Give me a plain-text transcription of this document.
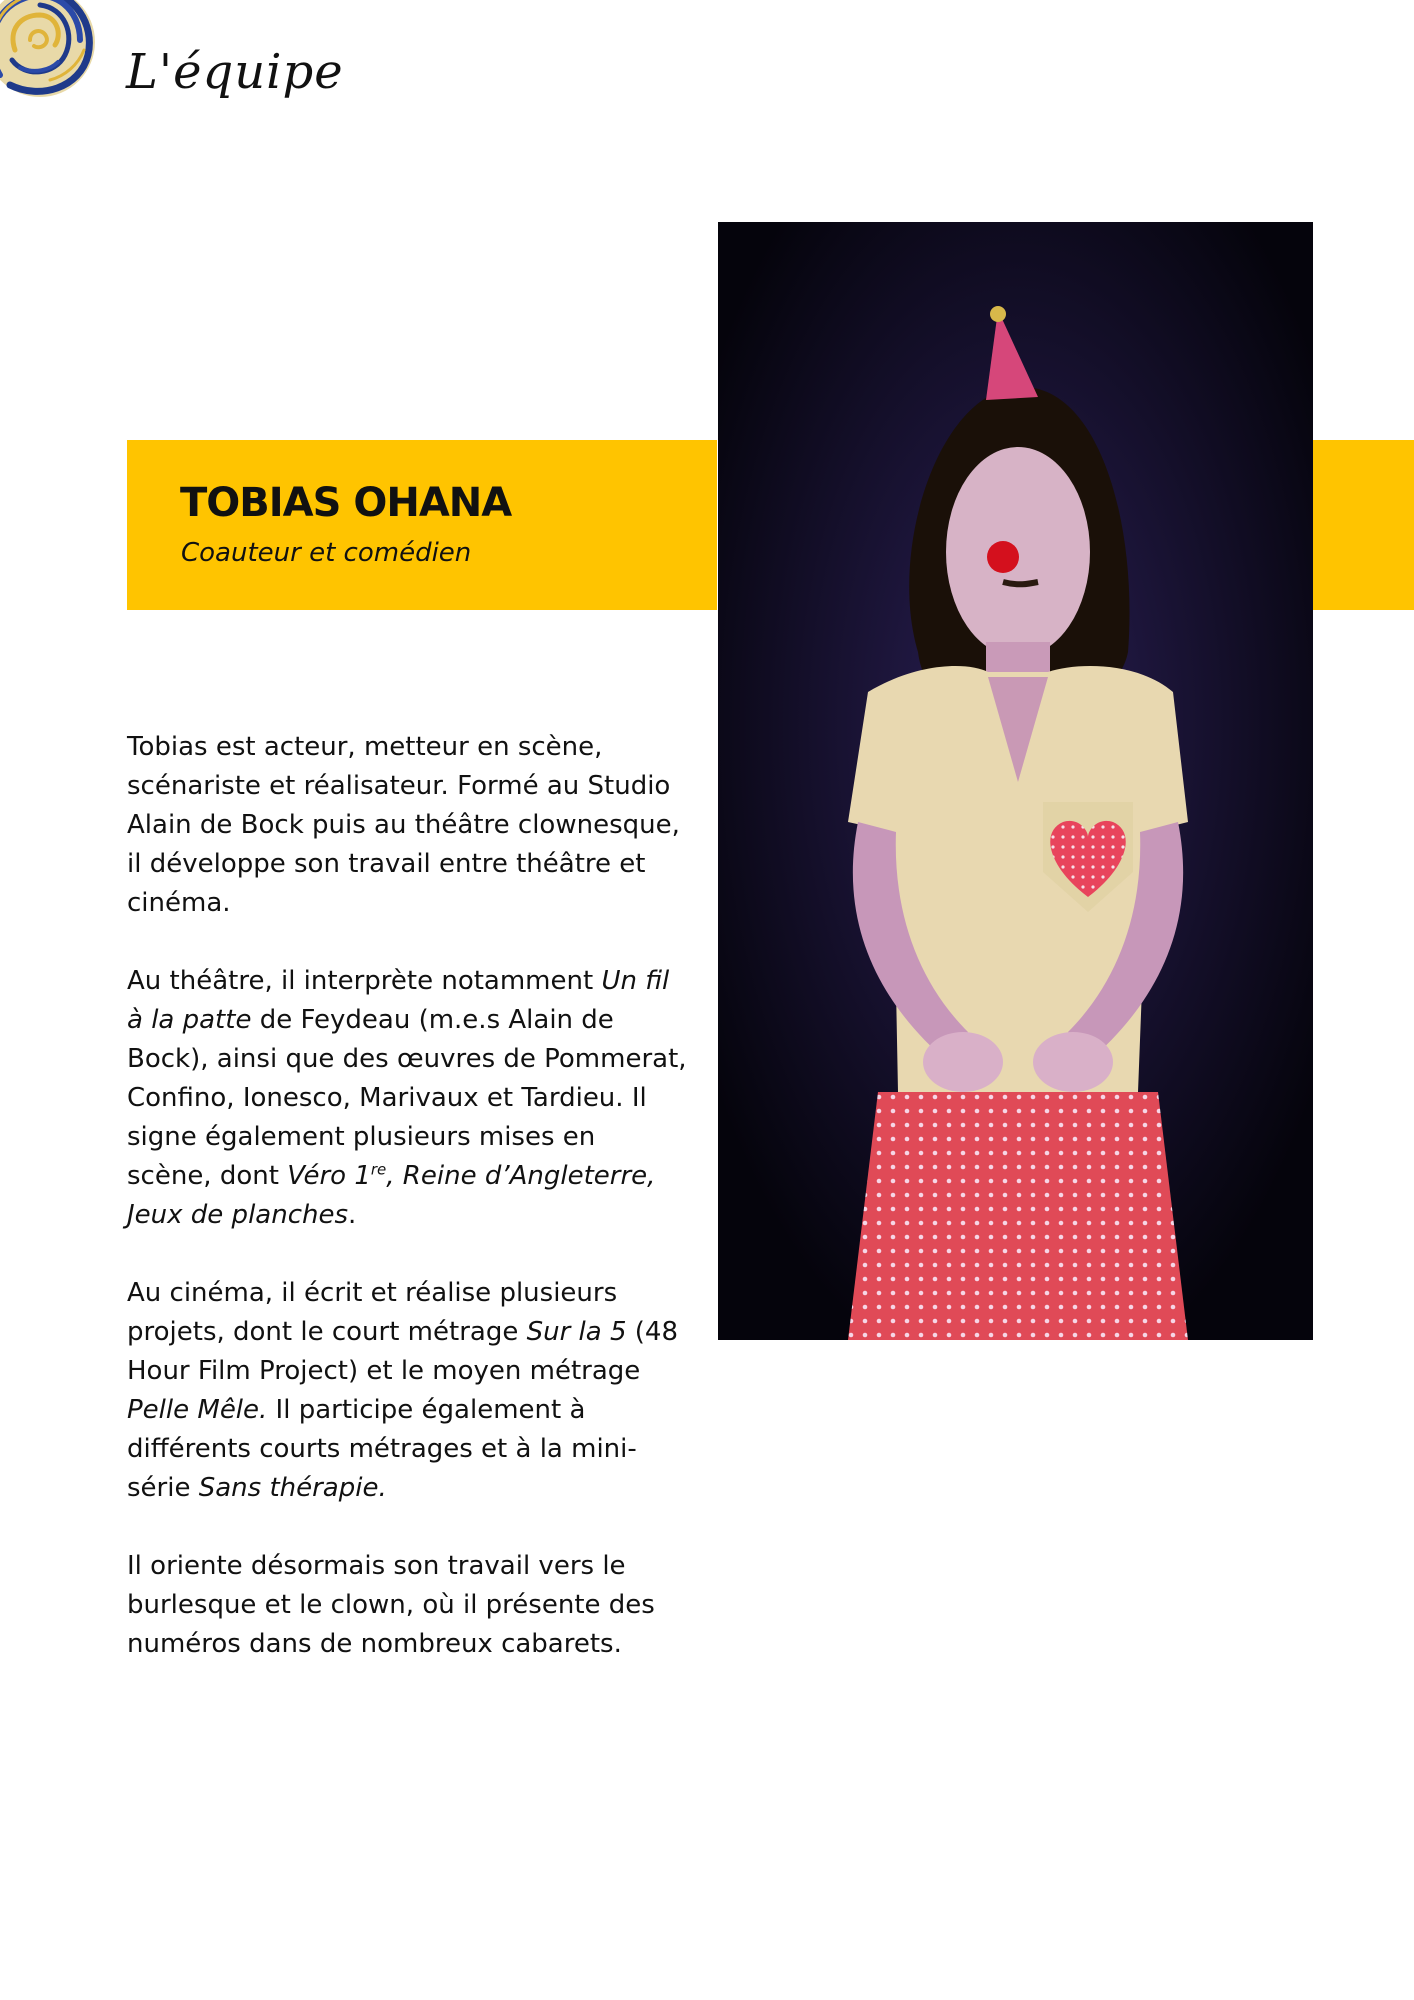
L'équipe
TOBIAS OHANA
Coauteur et comédien

Tobias est acteur, metteur en scène, scénariste et réalisateur. Formé au Studio Alain de Bock puis au théâtre clownesque, il développe son travail entre théâtre et cinéma.

Au théâtre, il interprète notamment Un fil à la patte de Feydeau (m.e.s Alain de Bock), ainsi que des œuvres de Pommerat, Confino, Ionesco, Marivaux et Tardieu. Il signe également plusieurs mises en scène, dont Véro 1re, Reine d’Angleterre, Jeux de planches.

Au cinéma, il écrit et réalise plusieurs projets, dont le court métrage Sur la 5 (48 Hour Film Project) et le moyen métrage Pelle Mêle. Il participe également à différents courts métrages et à la mini-série Sans thérapie.

Il oriente désormais son travail vers le burlesque et le clown, où il présente des numéros dans de nombreux cabarets.
